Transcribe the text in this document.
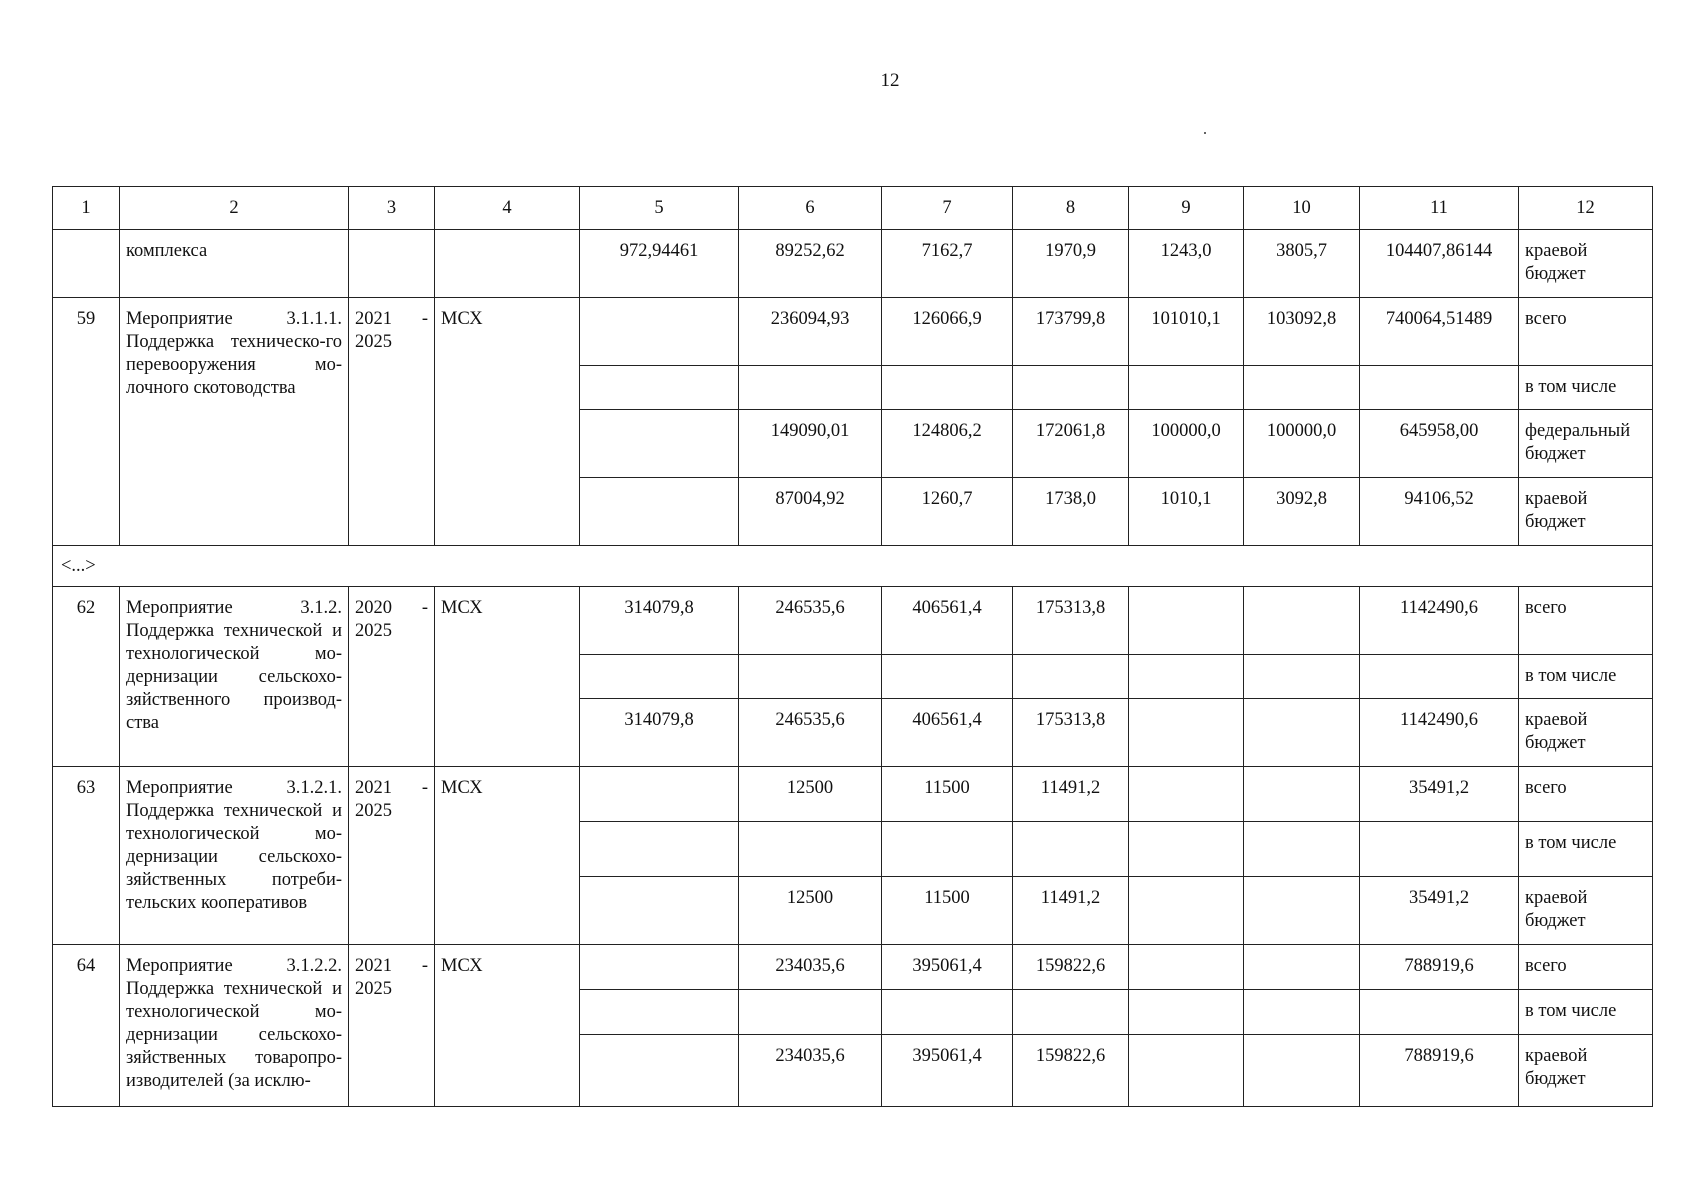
12
1	2	3	4	5	6	7	8	9	10	11	12
	комплекса			972,94461	89252,62	7162,7	1970,9	1243,0	3805,7	104407,86144	краевой бюджет
59	Мероприятие 3.1.1.1. Поддержка техническо-го перевооружения мо-лочного скотоводства	2021 - 2025	МСХ		236094,93	126066,9	173799,8	101010,1	103092,8	740064,51489	всего
											в том числе
					149090,01	124806,2	172061,8	100000,0	100000,0	645958,00	федеральный бюджет
					87004,92	1260,7	1738,0	1010,1	3092,8	94106,52	краевой бюджет
<...>											
62	Мероприятие 3.1.2. Поддержка технической и технологической мо-дернизации сельскохо-зяйственного производ-ства	2020 - 2025	МСХ	314079,8	246535,6	406561,4	175313,8			1142490,6	всего
											в том числе
				314079,8	246535,6	406561,4	175313,8			1142490,6	краевой бюджет
63	Мероприятие 3.1.2.1. Поддержка технической и технологической мо-дернизации сельскохо-зяйственных потреби-тельских кооперативов	2021 - 2025	МСХ		12500	11500	11491,2			35491,2	всего
											в том числе
					12500	11500	11491,2			35491,2	краевой бюджет
64	Мероприятие 3.1.2.2. Поддержка технической и технологической мо-дернизации сельскохо-зяйственных товаропро-изводителей (за исклю-	2021 - 2025	МСХ		234035,6	395061,4	159822,6			788919,6	всего
											в том числе
					234035,6	395061,4	159822,6			788919,6	краевой бюджет
